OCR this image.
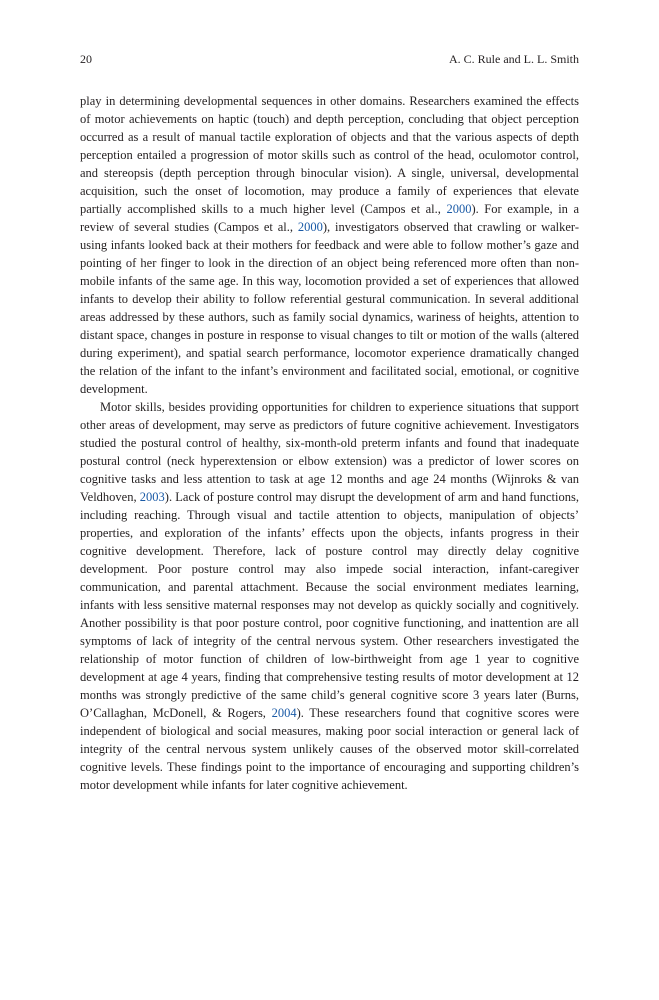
20	A. C. Rule and L. L. Smith

play in determining developmental sequences in other domains. Researchers examined the effects of motor achievements on haptic (touch) and depth perception, concluding that object perception occurred as a result of manual tactile exploration of objects and that the various aspects of depth perception entailed a progression of motor skills such as control of the head, oculomotor control, and stereopsis (depth perception through binocular vision). A single, universal, developmental acquisition, such the onset of locomotion, may produce a family of experiences that elevate partially accomplished skills to a much higher level (Campos et al., 2000). For example, in a review of several studies (Campos et al., 2000), investigators observed that crawling or walker-using infants looked back at their mothers for feedback and were able to follow mother’s gaze and pointing of her finger to look in the direction of an object being referenced more often than non-mobile infants of the same age. In this way, locomotion provided a set of experiences that allowed infants to develop their ability to follow referential gestural communication. In several additional areas addressed by these authors, such as family social dynamics, wariness of heights, attention to distant space, changes in posture in response to visual changes to tilt or motion of the walls (altered during experiment), and spatial search performance, locomotor experience dramatically changed the relation of the infant to the infant’s environment and facilitated social, emotional, or cognitive development.

Motor skills, besides providing opportunities for children to experience situations that support other areas of development, may serve as predictors of future cognitive achievement. Investigators studied the postural control of healthy, six-month-old preterm infants and found that inadequate postural control (neck hyperextension or elbow extension) was a predictor of lower scores on cognitive tasks and less attention to task at age 12 months and age 24 months (Wijnroks & van Veldhoven, 2003). Lack of posture control may disrupt the development of arm and hand functions, including reaching. Through visual and tactile attention to objects, manipulation of objects’ properties, and exploration of the infants’ effects upon the objects, infants progress in their cognitive development. Therefore, lack of posture control may directly delay cognitive development. Poor posture control may also impede social interaction, infant-caregiver communication, and parental attachment. Because the social environment mediates learning, infants with less sensitive maternal responses may not develop as quickly socially and cognitively. Another possibility is that poor posture control, poor cognitive functioning, and inattention are all symptoms of lack of integrity of the central nervous system. Other researchers investigated the relationship of motor function of children of low-birthweight from age 1 year to cognitive development at age 4 years, finding that comprehensive testing results of motor development at 12 months was strongly predictive of the same child’s general cognitive score 3 years later (Burns, O’Callaghan, McDonell, & Rogers, 2004). These researchers found that cognitive scores were independent of biological and social measures, making poor social interaction or general lack of integrity of the central nervous system unlikely causes of the observed motor skill-correlated cognitive levels. These findings point to the importance of encouraging and supporting children’s motor development while infants for later cognitive achievement.
